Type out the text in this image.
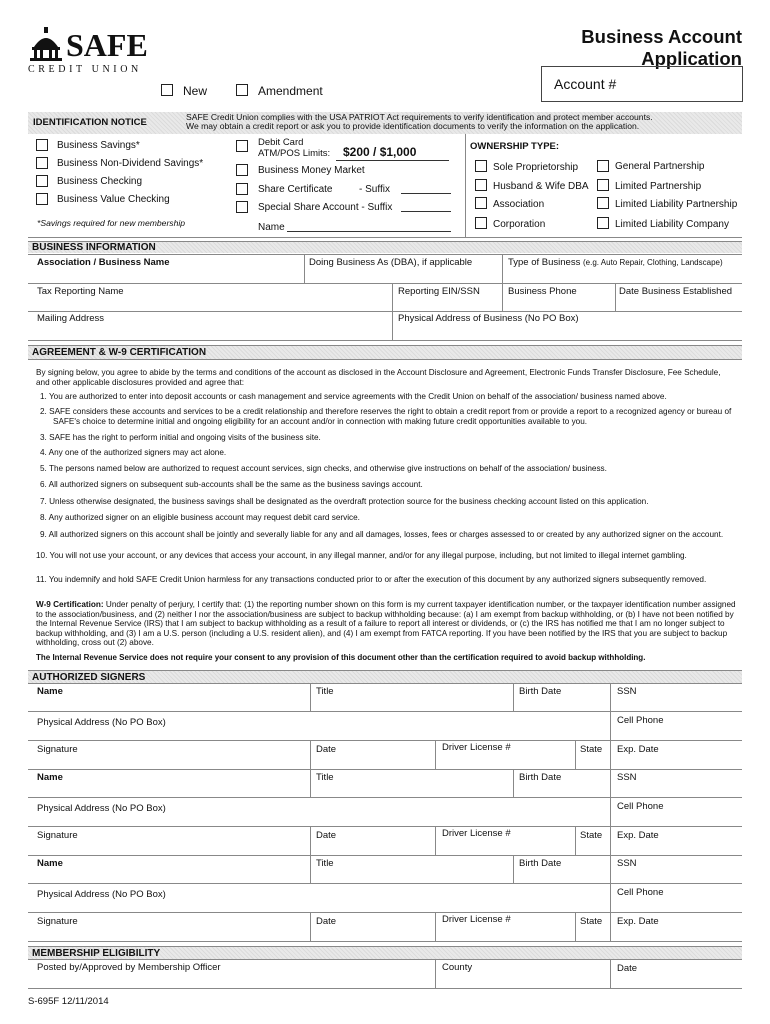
SAFE
CREDIT UNION
Business Account Application
Account #
New	Amendment
IDENTIFICATION NOTICE	SAFE Credit Union complies with the USA PATRIOT Act requirements to verify identification and protect member accounts.
We may obtain a credit report or ask you to provide identification documents to verify the information on the application.
Business Savings*
Business Non-Dividend Savings*
Business Checking
Business Value Checking
*Savings required for new membership
Debit Card
ATM/POS Limits: $200 / $1,000
Business Money Market
Share Certificate	- Suffix
Special Share Account - Suffix
Name
OWNERSHIP TYPE:
Sole Proprietorship
Husband & Wife DBA
Association
Corporation
General Partnership
Limited Partnership
Limited Liability Partnership
Limited Liability Company
BUSINESS INFORMATION
Association / Business Name	Doing Business As (DBA), if applicable	Type of Business (e.g. Auto Repair, Clothing, Landscape)
Tax Reporting Name	Reporting EIN/SSN	Business Phone	Date Business Established
Mailing Address	Physical Address of Business (No PO Box)
AGREEMENT & W-9 CERTIFICATION
By signing below, you agree to abide by the terms and conditions of the account as disclosed in the Account Disclosure and Agreement, Electronic Funds Transfer Disclosure, Fee Schedule, and other applicable disclosures provided and agree that:
1. You are authorized to enter into deposit accounts or cash management and service agreements with the Credit Union on behalf of the association/ business named above.
2. SAFE considers these accounts and services to be a credit relationship and therefore reserves the right to obtain a credit report from or provide a report to a recognized agency or bureau of SAFE's choice to determine initial and ongoing eligibility for an account and/or in connection with making future credit opportunities available to you.
3. SAFE has the right to perform initial and ongoing visits of the business site.
4. Any one of the authorized signers may act alone.
5. The persons named below are authorized to request account services, sign checks, and otherwise give instructions on behalf of the association/ business.
6. All authorized signers on subsequent sub-accounts shall be the same as the business savings account.
7. Unless otherwise designated, the business savings shall be designated as the overdraft protection source for the business checking account listed on this application.
8. Any authorized signer on an eligible business account may request debit card service.
9. All authorized signers on this account shall be jointly and severally liable for any and all damages, losses, fees or charges assessed to or created by any authorized signer on the account.
10. You will not use your account, or any devices that access your account, in any illegal manner, and/or for any illegal purpose, including, but not limited to illegal internet gambling.
11. You indemnify and hold SAFE Credit Union harmless for any transactions conducted prior to or after the execution of this document by any authorized signers subsequently removed.
W-9 Certification: Under penalty of perjury, I certify that: (1) the reporting number shown on this form is my current taxpayer identification number, or the taxpayer identification number assigned to the association/business, and (2) neither I nor the association/business are subject to backup withholding because: (a) I am exempt from backup withholding, or (b) I have not been notified by the Internal Revenue Service (IRS) that I am subject to backup withholding as a result of a failure to report all interest or dividends, or (c) the IRS has notified me that I am no longer subject to backup withholding, and (3) I am a U.S. person (including a U.S. resident alien), and (4) I am exempt from FATCA reporting. If you have been notified by the IRS that you are subject to backup withholding, cross out (2) above.
The Internal Revenue Service does not require your consent to any provision of this document other than the certification required to avoid backup withholding.
AUTHORIZED SIGNERS
Name	Title	Birth Date	SSN
Physical Address (No PO Box)	Cell Phone
Signature	Date	Driver License #	State Exp. Date
Name	Title	Birth Date	SSN
Physical Address (No PO Box)	Cell Phone
Signature	Date	Driver License #	State Exp. Date
Name	Title	Birth Date	SSN
Physical Address (No PO Box)	Cell Phone
Signature	Date	Driver License #	State Exp. Date
MEMBERSHIP ELIGIBILITY
Posted by/Approved by Membership Officer	County	Date
S-695F 12/11/2014
